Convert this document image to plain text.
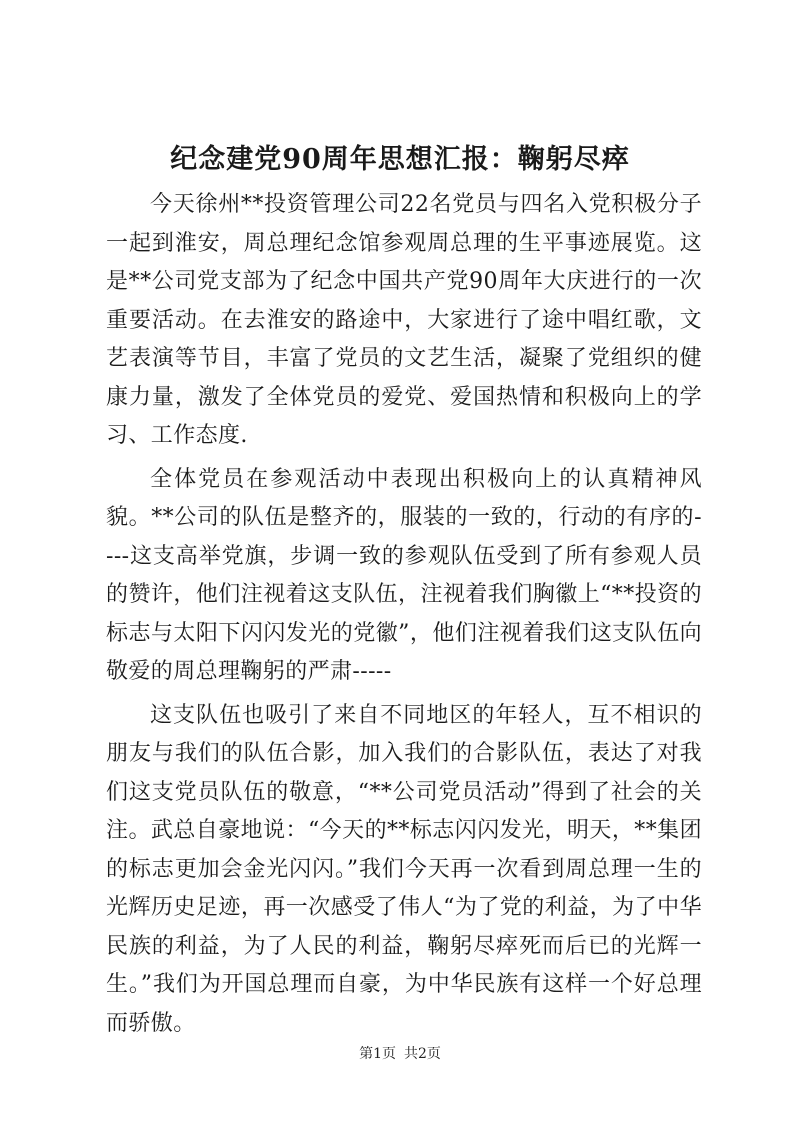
纪念建党90周年思想汇报：鞠躬尽瘁

今天徐州**投资管理公司22名党员与四名入党积极分子一起到淮安，周总理纪念馆参观周总理的生平事迹展览。这是**公司党支部为了纪念中国共产党90周年大庆进行的一次重要活动。在去淮安的路途中，大家进行了途中唱红歌，文艺表演等节目，丰富了党员的文艺生活，凝聚了党组织的健康力量，激发了全体党员的爱党、爱国热情和积极向上的学习、工作态度.

全体党员在参观活动中表现出积极向上的认真精神风貌。**公司的队伍是整齐的，服装的一致的，行动的有序的----这支高举党旗，步调一致的参观队伍受到了所有参观人员的赞许，他们注视着这支队伍，注视着我们胸徽上“**投资的标志与太阳下闪闪发光的党徽”，他们注视着我们这支队伍向敬爱的周总理鞠躬的严肃-----

这支队伍也吸引了来自不同地区的年轻人，互不相识的朋友与我们的队伍合影，加入我们的合影队伍，表达了对我们这支党员队伍的敬意，“**公司党员活动”得到了社会的关注。武总自豪地说：“今天的**标志闪闪发光，明天，**集团的标志更加会金光闪闪。”我们今天再一次看到周总理一生的光辉历史足迹，再一次感受了伟人“为了党的利益，为了中华民族的利益，为了人民的利益，鞠躬尽瘁死而后已的光辉一生。”我们为开国总理而自豪，为中华民族有这样一个好总理而骄傲。

第1页 共2页
